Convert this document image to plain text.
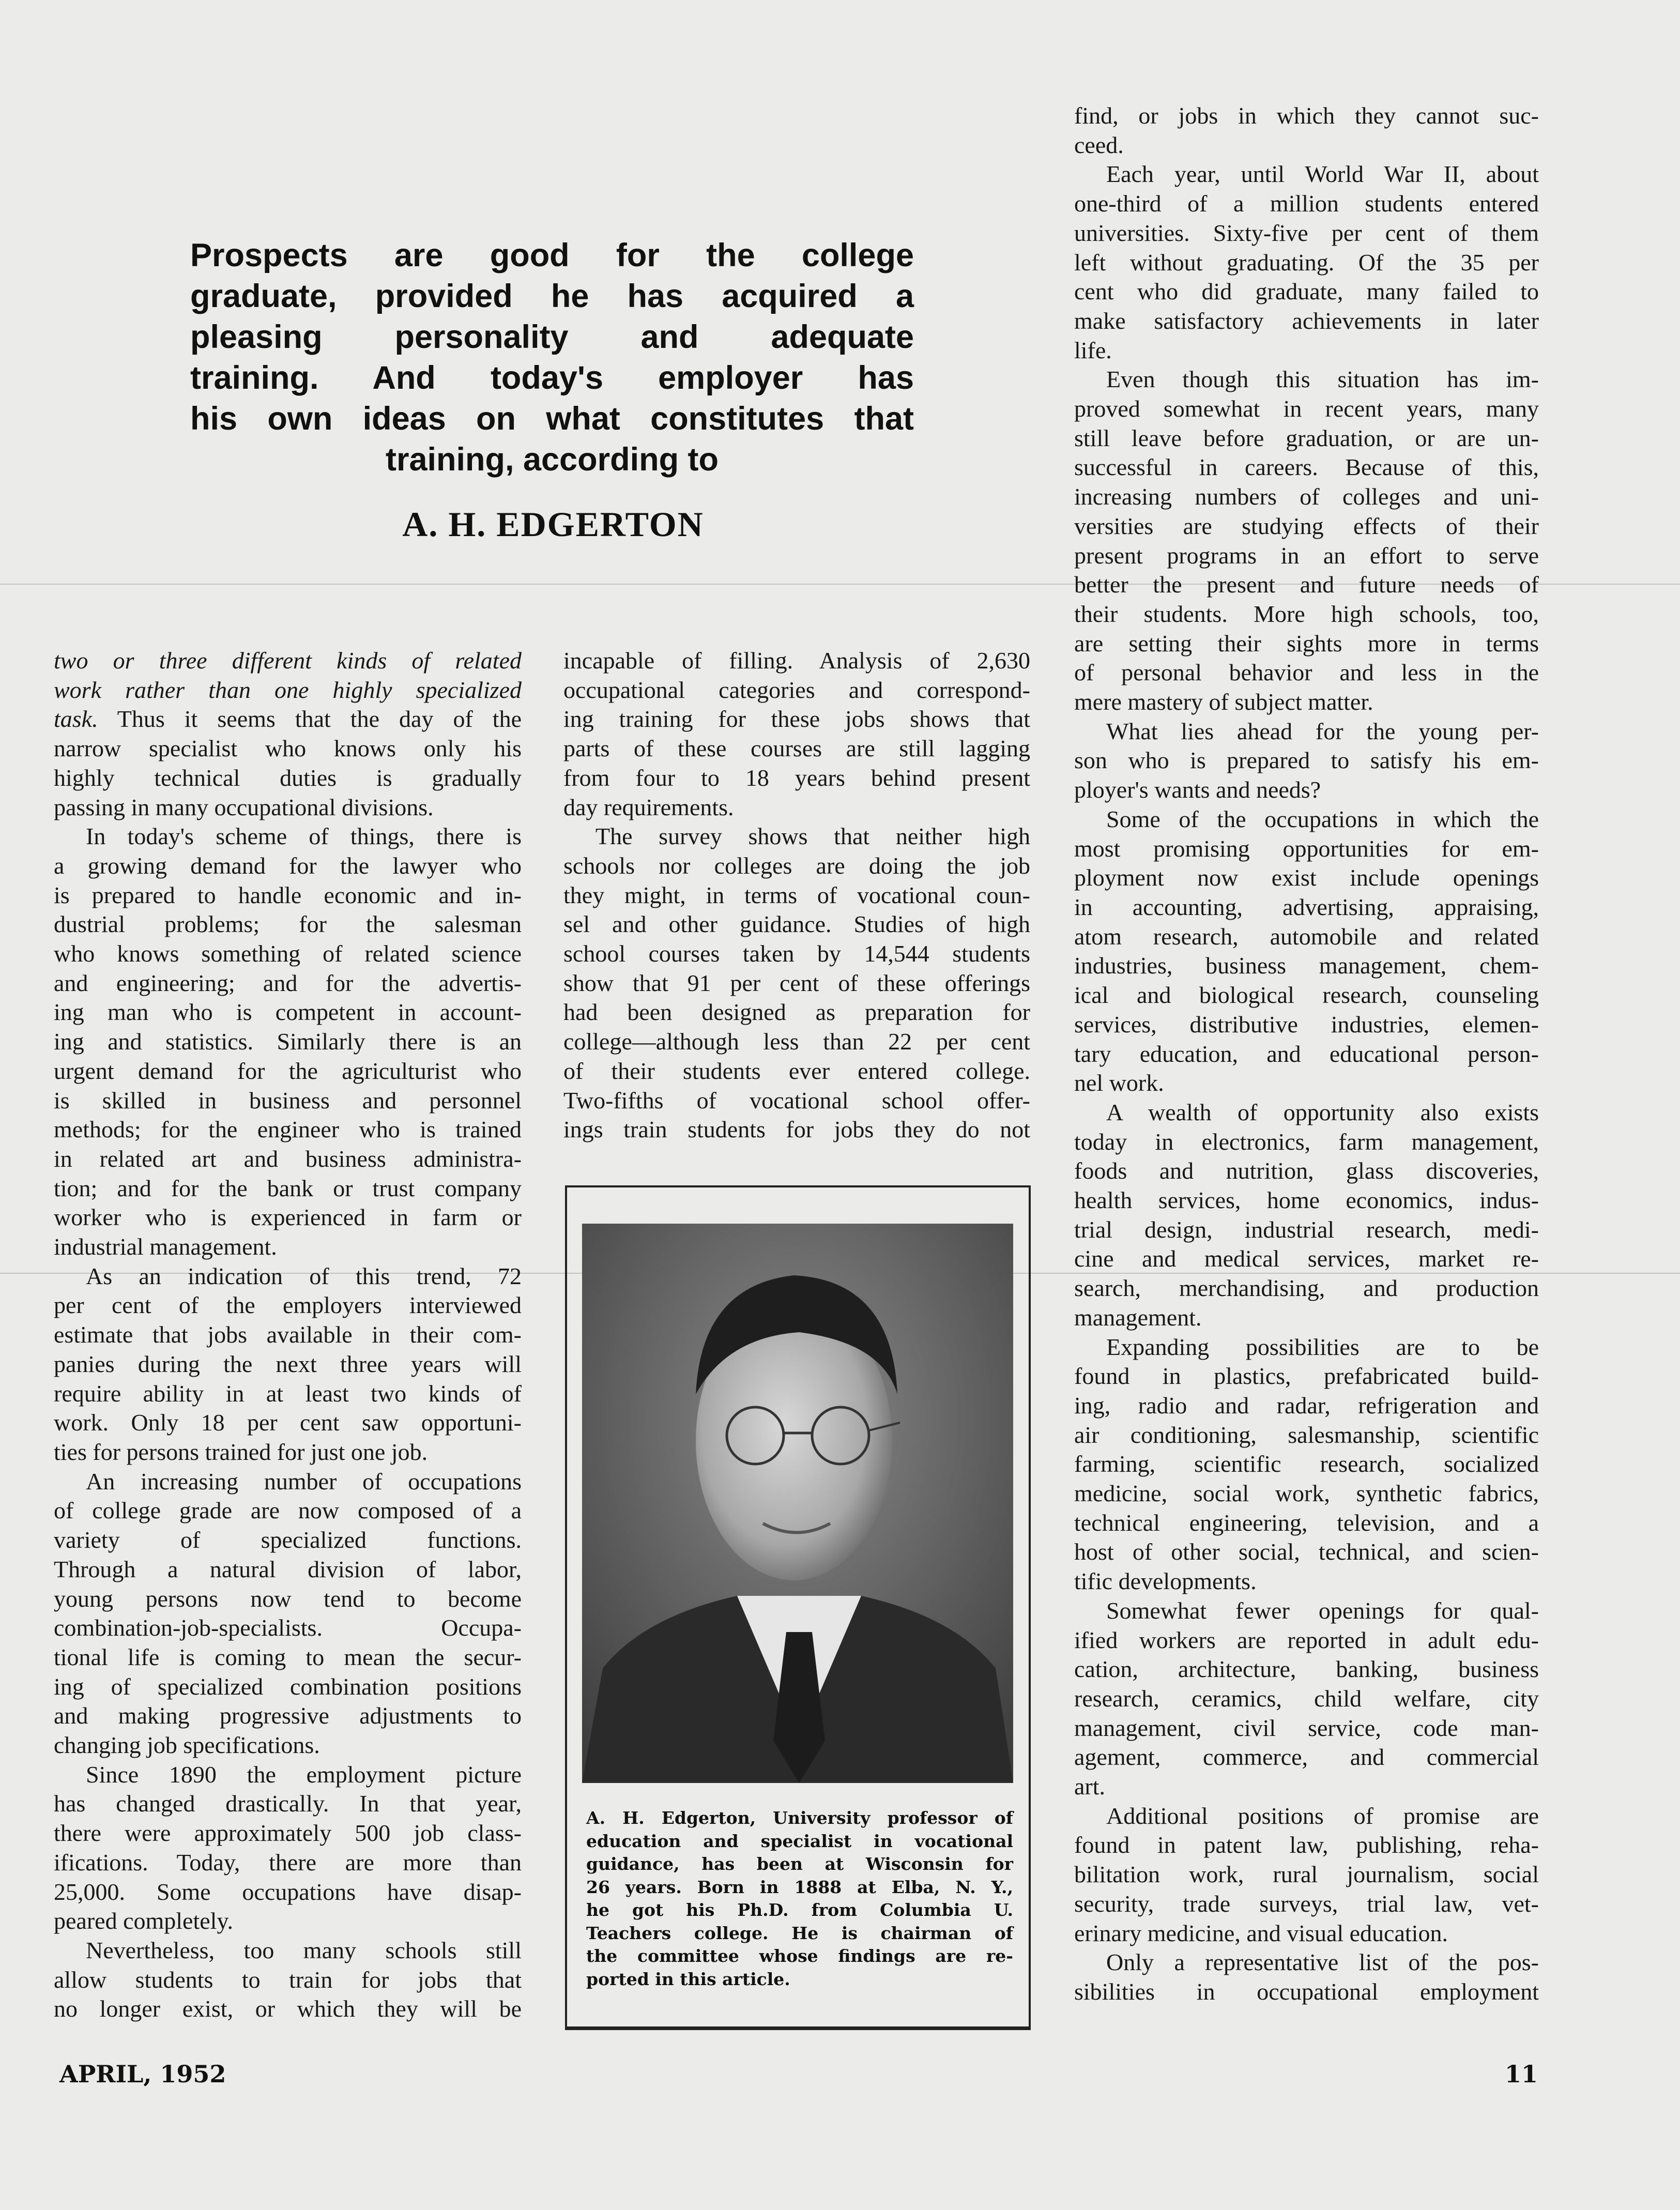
Prospects are good for the college
graduate, provided he has acquired a
pleasing personality and adequate
training. And today's employer has
his own ideas on what constitutes that
training, according to
A. H. EDGERTON
two or three different kinds of related
work rather than one highly specialized
task. Thus it seems that the day of the
narrow specialist who knows only his
highly technical duties is gradually
passing in many occupational divisions.
In today's scheme of things, there is
a growing demand for the lawyer who
is prepared to handle economic and in-
dustrial problems; for the salesman
who knows something of related science
and engineering; and for the advertis-
ing man who is competent in account-
ing and statistics. Similarly there is an
urgent demand for the agriculturist who
is skilled in business and personnel
methods; for the engineer who is trained
in related art and business administra-
tion; and for the bank or trust company
worker who is experienced in farm or
industrial management.
As an indication of this trend, 72
per cent of the employers interviewed
estimate that jobs available in their com-
panies during the next three years will
require ability in at least two kinds of
work. Only 18 per cent saw opportuni-
ties for persons trained for just one job.
An increasing number of occupations
of college grade are now composed of a
variety of specialized functions.
Through a natural division of labor,
young persons now tend to become
combination-job-specialists. Occupa-
tional life is coming to mean the secur-
ing of specialized combination positions
and making progressive adjustments to
changing job specifications.
Since 1890 the employment picture
has changed drastically. In that year,
there were approximately 500 job class-
ifications. Today, there are more than
25,000. Some occupations have disap-
peared completely.
Nevertheless, too many schools still
allow students to train for jobs that
no longer exist, or which they will be
incapable of filling. Analysis of 2,630
occupational categories and correspond-
ing training for these jobs shows that
parts of these courses are still lagging
from four to 18 years behind present
day requirements.
The survey shows that neither high
schools nor colleges are doing the job
they might, in terms of vocational coun-
sel and other guidance. Studies of high
school courses taken by 14,544 students
show that 91 per cent of these offerings
had been designed as preparation for
college—although less than 22 per cent
of their students ever entered college.
Two-fifths of vocational school offer-
ings train students for jobs they do not
find, or jobs in which they cannot suc-
ceed.
Each year, until World War II, about
one-third of a million students entered
universities. Sixty-five per cent of them
left without graduating. Of the 35 per
cent who did graduate, many failed to
make satisfactory achievements in later
life.
Even though this situation has im-
proved somewhat in recent years, many
still leave before graduation, or are un-
successful in careers. Because of this,
increasing numbers of colleges and uni-
versities are studying effects of their
present programs in an effort to serve
better the present and future needs of
their students. More high schools, too,
are setting their sights more in terms
of personal behavior and less in the
mere mastery of subject matter.
What lies ahead for the young per-
son who is prepared to satisfy his em-
ployer's wants and needs?
Some of the occupations in which the
most promising opportunities for em-
ployment now exist include openings
in accounting, advertising, appraising,
atom research, automobile and related
industries, business management, chem-
ical and biological research, counseling
services, distributive industries, elemen-
tary education, and educational person-
nel work.
A wealth of opportunity also exists
today in electronics, farm management,
foods and nutrition, glass discoveries,
health services, home economics, indus-
trial design, industrial research, medi-
cine and medical services, market re-
search, merchandising, and production
management.
Expanding possibilities are to be
found in plastics, prefabricated build-
ing, radio and radar, refrigeration and
air conditioning, salesmanship, scientific
farming, scientific research, socialized
medicine, social work, synthetic fabrics,
technical engineering, television, and a
host of other social, technical, and scien-
tific developments.
Somewhat fewer openings for qual-
ified workers are reported in adult edu-
cation, architecture, banking, business
research, ceramics, child welfare, city
management, civil service, code man-
agement, commerce, and commercial
art.
Additional positions of promise are
found in patent law, publishing, reha-
bilitation work, rural journalism, social
security, trade surveys, trial law, vet-
erinary medicine, and visual education.
Only a representative list of the pos-
sibilities in occupational employment
A. H. Edgerton, University professor of
education and specialist in vocational
guidance, has been at Wisconsin for
26 years. Born in 1888 at Elba, N. Y.,
he got his Ph.D. from Columbia U.
Teachers college. He is chairman of
the committee whose findings are re-
ported in this article.
APRIL, 1952	11
